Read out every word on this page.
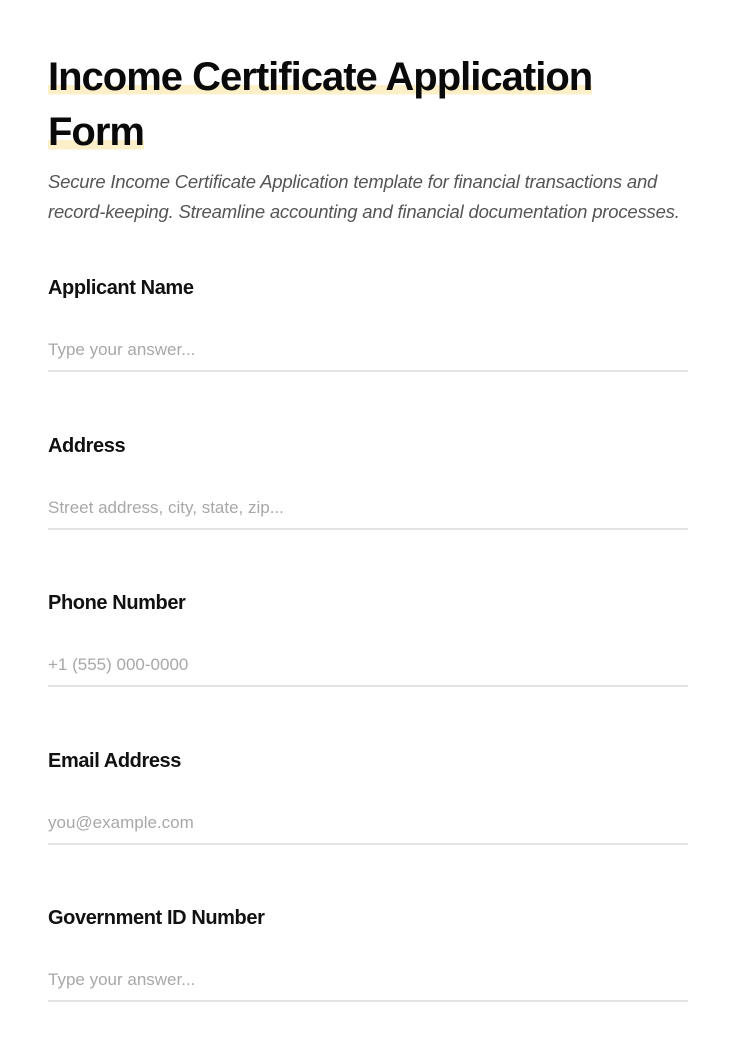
Income Certificate Application Form

Secure Income Certificate Application template for financial transactions and record-keeping. Streamline accounting and financial documentation processes.

Applicant Name
Type your answer...
Address
Street address, city, state, zip...
Phone Number
+1 (555) 000-0000
Email Address
you@example.com
Government ID Number
Type your answer...
